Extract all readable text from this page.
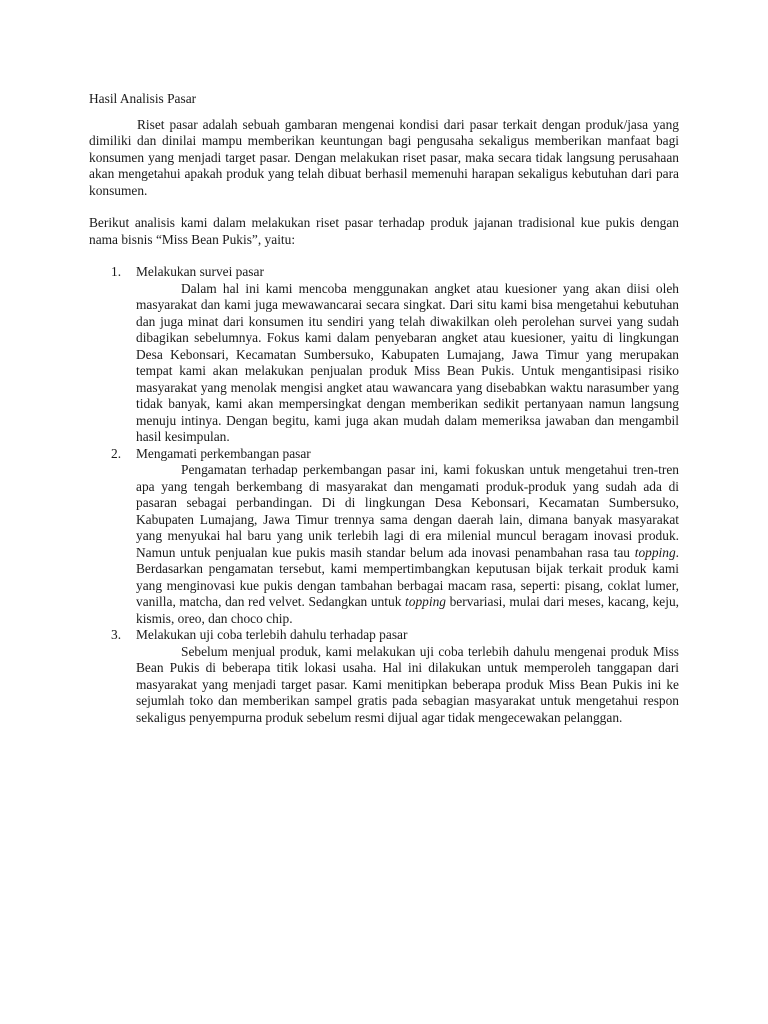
Hasil Analisis Pasar

Riset pasar adalah sebuah gambaran mengenai kondisi dari pasar terkait dengan produk/jasa yang dimiliki dan dinilai mampu memberikan keuntungan bagi pengusaha sekaligus memberikan manfaat bagi konsumen yang menjadi target pasar. Dengan melakukan riset pasar, maka secara tidak langsung perusahaan akan mengetahui apakah produk yang telah dibuat berhasil memenuhi harapan sekaligus kebutuhan dari para konsumen.

Berikut analisis kami dalam melakukan riset pasar terhadap produk jajanan tradisional kue pukis dengan nama bisnis “Miss Bean Pukis”, yaitu:

1. Melakukan survei pasar

Dalam hal ini kami mencoba menggunakan angket atau kuesioner yang akan diisi oleh masyarakat dan kami juga mewawancarai secara singkat. Dari situ kami bisa mengetahui kebutuhan dan juga minat dari konsumen itu sendiri yang telah diwakilkan oleh perolehan survei yang sudah dibagikan sebelumnya. Fokus kami dalam penyebaran angket atau kuesioner, yaitu di lingkungan Desa Kebonsari, Kecamatan Sumbersuko, Kabupaten Lumajang, Jawa Timur yang merupakan tempat kami akan melakukan penjualan produk Miss Bean Pukis. Untuk mengantisipasi risiko masyarakat yang menolak mengisi angket atau wawancara yang disebabkan waktu narasumber yang tidak banyak, kami akan mempersingkat dengan memberikan sedikit pertanyaan namun langsung menuju intinya. Dengan begitu, kami juga akan mudah dalam memeriksa jawaban dan mengambil hasil kesimpulan.

2. Mengamati perkembangan pasar

Pengamatan terhadap perkembangan pasar ini, kami fokuskan untuk mengetahui tren-tren apa yang tengah berkembang di masyarakat dan mengamati produk-produk yang sudah ada di pasaran sebagai perbandingan. Di di lingkungan Desa Kebonsari, Kecamatan Sumbersuko, Kabupaten Lumajang, Jawa Timur trennya sama dengan daerah lain, dimana banyak masyarakat yang menyukai hal baru yang unik terlebih lagi di era milenial muncul beragam inovasi produk. Namun untuk penjualan kue pukis masih standar belum ada inovasi penambahan rasa tau topping. Berdasarkan pengamatan tersebut, kami mempertimbangkan keputusan bijak terkait produk kami yang menginovasi kue pukis dengan tambahan berbagai macam rasa, seperti: pisang, coklat lumer, vanilla, matcha, dan red velvet. Sedangkan untuk topping bervariasi, mulai dari meses, kacang, keju, kismis, oreo, dan choco chip.

3. Melakukan uji coba terlebih dahulu terhadap pasar

Sebelum menjual produk, kami melakukan uji coba terlebih dahulu mengenai produk Miss Bean Pukis di beberapa titik lokasi usaha. Hal ini dilakukan untuk memperoleh tanggapan dari masyarakat yang menjadi target pasar. Kami menitipkan beberapa produk Miss Bean Pukis ini ke sejumlah toko dan memberikan sampel gratis pada sebagian masyarakat untuk mengetahui respon sekaligus penyempurna produk sebelum resmi dijual agar tidak mengecewakan pelanggan.
